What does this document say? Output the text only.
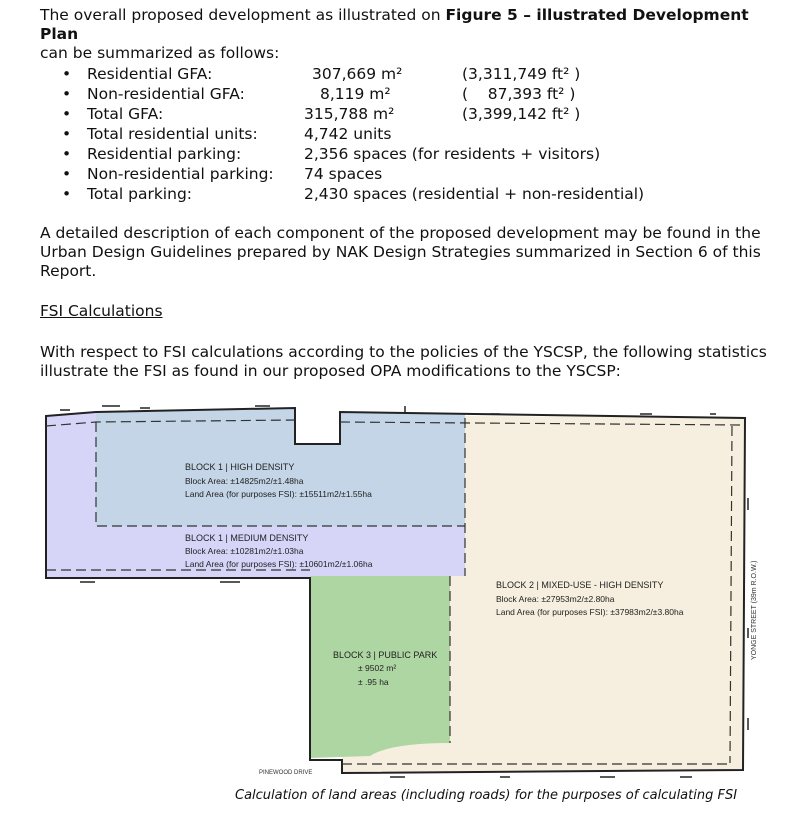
The overall proposed development as illustrated on Figure 5 – illustrated Development Plan
can be summarized as follows:

• Residential GFA:	307,669 m²	(3,311,749 ft² )
• Non-residential GFA:	8,119 m²	(    87,393 ft² )
• Total GFA:	315,788 m²	(3,399,142 ft² )
• Total residential units:	4,742 units
• Residential parking:	2,356 spaces (for residents + visitors)
• Non-residential parking: 74 spaces
• Total parking:	2,430 spaces (residential + non-residential)

A detailed description of each component of the proposed development may be found in the Urban Design Guidelines prepared by NAK Design Strategies summarized in Section 6 of this Report.

FSI Calculations

With respect to FSI calculations according to the policies of the YSCSP, the following statistics illustrate the FSI as found in our proposed OPA modifications to the YSCSP:

BLOCK 1 | HIGH DENSITY
Block Area: ±14825m2/±1.48ha
Land Area (for purposes FSI): ±15511m2/±1.55ha
BLOCK 1 | MEDIUM DENSITY
Block Area: ±10281m2/±1.03ha
Land Area (for purposes FSI): ±10601m2/±1.06ha
BLOCK 2 | MIXED-USE - HIGH DENSITY
Block Area: ±27953m2/±2.80ha
Land Area (for purposes FSI): ±37983m2/±3.80ha
BLOCK 3 | PUBLIC PARK
± 9502 m²
± .95 ha
YONGE STREET (39m R.O.W.)
PINEWOOD DRIVE
Calculation of land areas (including roads) for the purposes of calculating FSI
